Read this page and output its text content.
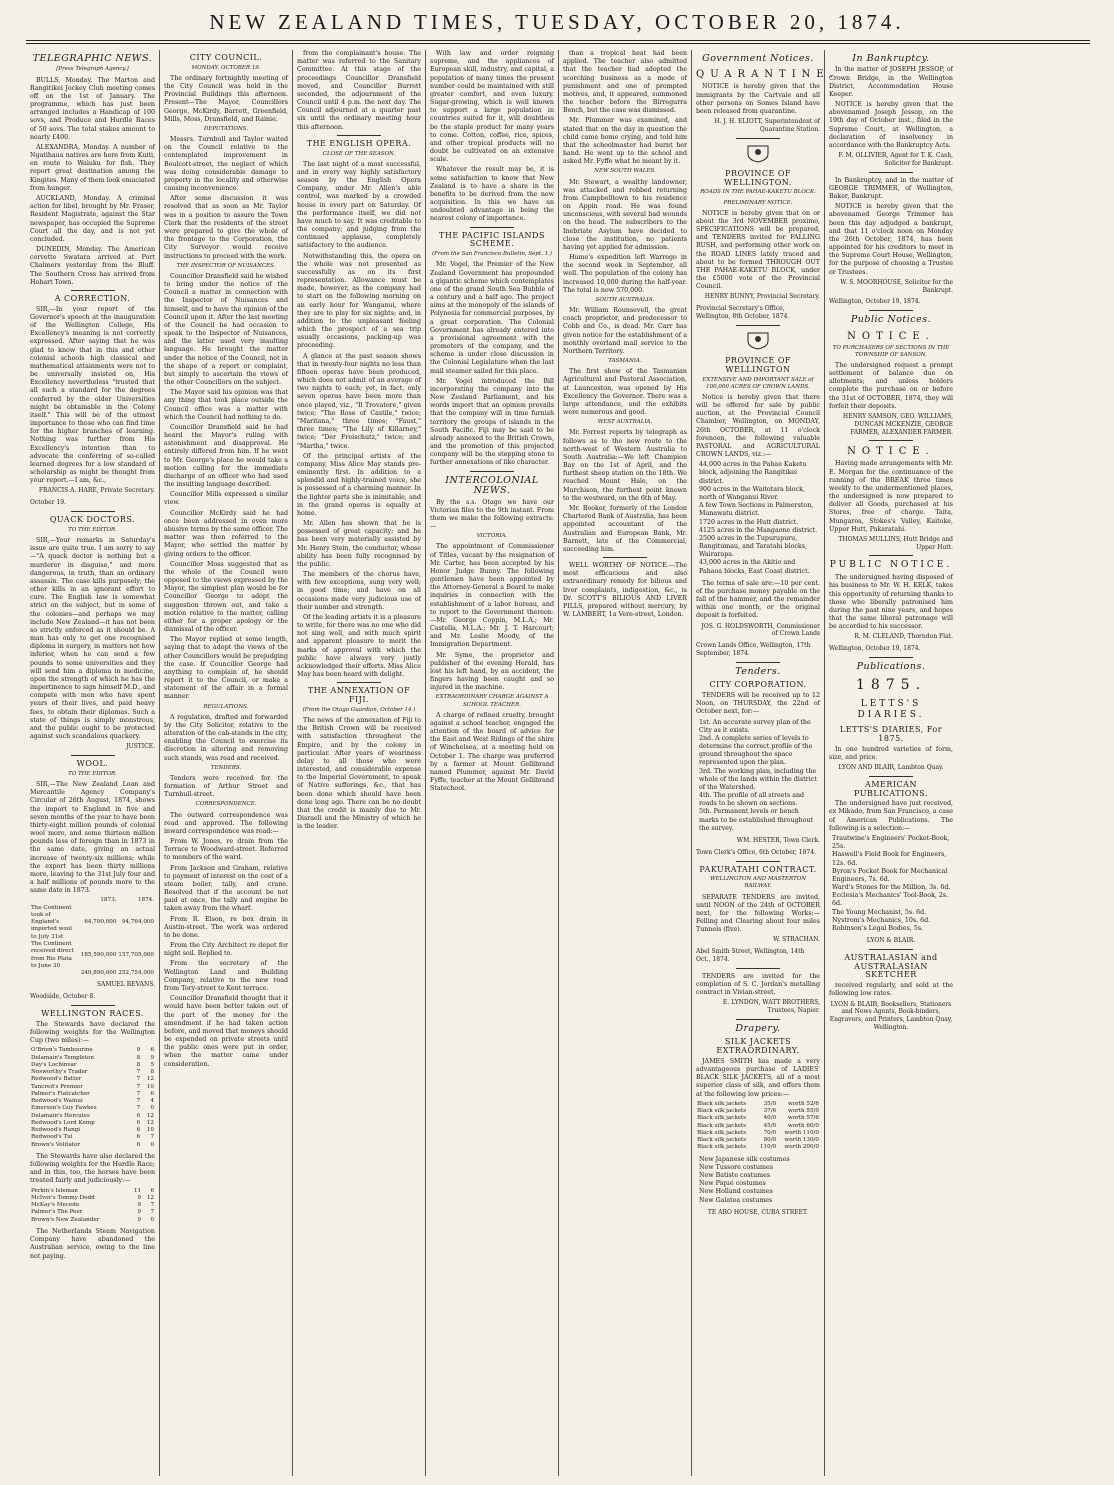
NEW ZEALAND TIMES, TUESDAY, OCTOBER 20, 1874.
TELEGRAPHIC NEWS.
[Press Telegraph Agency.]

BULLS, Monday. The Marton and Rangitikei Jockey Club meeting comes off on the 1st of January. The programme, which has just been arranged includes a Handicap of 100 sovs, and Produce and Hurdle Races of 50 sovs. The total stakes amount to nearly £400.

ALEXANDRA, Monday. A number of Ngatihaua natives are here from Kuiti, en route to Waiuku for fish. They report great destination among the Kingites. Many of them look emaciated from hunger.

AUCKLAND, Monday. A criminal action for libel, brought by Mr. Fraser, Resident Magistrate, against the Star newspaper, has occupied the Supreme Court all the day, and is not yet concluded.

DUNEDIN, Monday. The American corvette Swatara arrived at Port Chalmers yesterday from the Bluff. The Southern Cross has arrived from Hobart Town.

A CORRECTION.

SIR,—In your report of the Governor's speech at the inauguration of the Wellington College, His Excellency's meaning is not correctly expressed. After saying that he was glad to know that in this and other colonial schools high classical and mathematical attainments were not to be universally insisted on, His Excellency nevertheless "trusted that all such a standard for the degrees conferred by the older Universities might be obtainable in the Colony itself." This will be of the utmost importance to those who can find time for the higher branches of learning. Nothing was further from His Excellency's intention than to advocate the conferring of so-called learned degrees for a low standard of scholarship as might be thought from your report.—I am, &c.,

FRANCIS A. HARE, Private Secretary.
October 19.
QUACK DOCTORS.
TO THE EDITOR.

SIR,—Your remarks in Saturday's issue are quite true. I am sorry to say—"A quack doctor is nothing but a murderer in disguise," and more dangerous, in truth, than an ordinary assassin. The case kills purposely; the other kills in an ignorant effort to cure. The English law is somewhat strict on the subject, but in some of the colonies—and perhaps we may include New Zealand—it has not been so strictly enforced as it should be. A man has only to get one recognised diploma in surgery, in matters not how inferior, when he can send a few pounds to some universities and they will send him a diploma in medicine, upon the strength of which he has the impertinence to sign himself M.D., and compete with men who have spent years of their lives, and paid heavy fees, to obtain their diplomas. Such a state of things is simply monstrous, and the public ought to be protected against such scandalous quackery.

JUSTICE.
WOOL.
TO THE EDITOR.

SIR,—The New Zealand Loan and Mercantile Agency Company's Circular of 26th August, 1874, shows the import to England in five and seven months of the year to have been thirty-eight million pounds of colonial wool more, and some thirteen million pounds less of foreign than in 1873 in the same date, giving an actual increase of twenty-six millions; while the export has been thirty millions more, leaving to the 31st July four and a half millions of pounds more to the same date in 1873.

	1873.	1874.
The Continent took of England's imported wool to July 31st	64,700,000	94,764,000
The Continent received direct from Rio Plata to June 30	185,590,000	157,705,000
	249,890,000	252,754,000
SAMUEL REVANS.
Woodside, October 8.
WELLINGTON RACES.

The Stewards have declared the following weights for the Wellington Cup (two miles):—

O'Brien's Tambourine	9	6
Delamain's Templeton	8	9
Day's Lochinvar	8	5
Nosworthy's Trader	7	8
Redwood's Batter	7	12
Tancred's Premier	7	10
Palmer's Flatcatcher	7	6
Redwood's Wainui	7	4
Emerson's Guy Fawkes	7	0
Delamain's Hercules	6	12
Redwood's Lord Kemp	6	12
Redwood's Rangi	6	10
Redwood's Tui	6	7
Brown's Volitator	6	0

The Stewards have also declared the following weights for the Hurdle Race; and in this, too, the horses have been treated fairly and judiciously:—

Perkin's Isleman	11	6
McIvor's Tommy Dodd	9	12
McKay's Mecedo	9	7
Palmer's The Peer	9	7
Brown's New Zealander	9	0

The Netherlands Steam Navigation Company have abandoned the Australian service, owing to the line not paying.

CITY COUNCIL.
MONDAY, OCTOBER 19.

The ordinary fortnightly meeting of the City Council was held in the Provincial Buildings this afternoon. Present—The Mayor, Councillors George, McKirdy, Barrett, Greenfield, Mills, Moss, Dransfield, and Rainie.

DEPUTATIONS.

Messrs. Turnbull and Taylor waited on the Council relative to the contemplated improvement in Boulcott-street, the neglect of which was doing considerable damage to property in the locality and otherwise causing inconvenience.

After some discussion it was resolved that as soon as Mr. Taylor was in a position to assure the Town Clerk that the residents of the street were prepared to give the whole of the frontage to the Corporation, the City Surveyor would receive instructions to proceed with the work.

THE INSPECTOR OF NUISANCES.

Councillor Dransfield said he wished to bring under the notice of the Council a matter in connection with the Inspector of Nuisances and himself, and to have the opinion of the Council upon it. After the last meeting of the Council he had occasion to speak to the Inspector of Nuisances, and the latter used very insulting language. He brought the matter under the notice of the Council, not in the shape of a report or complaint, but simply to ascertain the views of the other Councillors on the subject.

The Mayor said his opinion was that any thing that took place outside the Council office was a matter with which the Council had nothing to do.

Councillor Dransfield said he had heard the Mayor's ruling with astonishment and disapproval. He entirely differed from him. If he went to Mr. George's place he would take a motion calling for the immediate discharge of an officer who had used the insulting language described.

Councillor Mills expressed a similar view.

Councillor McKirdy said he had once been addressed in even more abusive terms by the same officer. The matter was then referred to the Mayor, who settled the matter by giving orders to the officer.

Councillor Moss suggested that as the whole of the Council were opposed to the views expressed by the Mayor, the simplest plan would be for Councillor George to adopt the suggestion thrown out, and take a motion relative to the matter, calling either for a proper apology or the dismissal of the officer.

The Mayor replied at some length, saying that to adopt the views of the other Councillors would be prejudging the case. If Councillor George had anything to complain of, he should report it to the Council, or make a statement of the affair in a formal manner.

REGULATIONS.

A regulation, drafted and forwarded by the City Solicitor, relative to the alteration of the cab-stands in the city, enabling the Council to exercise its discretion in altering and removing such stands, was read and received.

TENDERS.

Tenders were received for the formation of Arthur Street and Turnbull-street.

CORRESPONDENCE.

The outward correspondence was read and approved. The following inward correspondence was read:—

From W. Jones, re drain from the Terrace to Woodward-street. Referred to members of the ward.

From Jackson and Graham, relative to payment of interest on the cost of a steam boiler, tally, and crane. Resolved that if the account be not paid at once, the tally and engine be taken away from the wharf.

From R. Elson, re box drain in Austin-street. The work was ordered to be done.

From the City Architect re depot for night soil. Replied to.

From the secretary of the Wellington Land and Building Company, relative to the new road from Tory-street to Kent terrace.

Councillor Dransfield thought that it would have been better taken out of the part of the money for the amendment if he had taken action before, and moved that moneys should be expended on private streets until the public ones were put in order, when the matter came under consideration.

from the complainant's house. The matter was referred to the Sanitary Committee. At this stage of the proceedings Councillor Dransfield moved, and Councillor Burrett seconded, the adjournment of the Council until 4 p.m. the next day. The Council adjourned at a quarter past six until the ordinary meeting hour this afternoon.

THE ENGLISH OPERA.
CLOSE OF THE SEASON.

The last night of a most successful, and in every way highly satisfactory season by the English Opera Company, under Mr. Allen's able control, was marked by a crowded house in every part on Saturday. Of the performance itself, we did not have much to say. It was creditable to the company; and judging from the continued applause, completely satisfactory to the audience.

Notwithstanding this, the opera on the whole was not presented as successfully as on its first representation. Allowance must be made, however, as the company had to start on the following morning on an early hour for Wanganui, where they are to play for six nights; and, in addition to the unpleasant feeling which the prospect of a sea trip usually occasions, packing-up was proceeding.

A glance at the past season shows that in twenty-four nights no less than fifteen operas have been produced, which does not admit of an average of two nights to each; yet, in fact, only seven operas have been more than once played, viz., "Il Trovatore," given twice; "The Rose of Castile," twice; "Maritana," three times; "Faust," three times; "The Lily of Killarney," twice; "Der Freischutz," twice; and "Martha," twice.

Of the principal artists of the company, Miss Alice May stands pre-eminently first. In addition to a splendid and highly-trained voice, she is possessed of a charming manner. In the lighter parts she is inimitable, and in the grand operas is equally at home.

Mr. Allen has shown that he is possessed of great capacity; and he has been very materially assisted by Mr. Henry Stein, the conductor, whose ability has been fully recognised by the public.

The members of the chorus have, with few exceptions, sung very well; in good time; and have on all occasions made very judicious use of their number and strength.

Of the leading artists it is a pleasure to write, for there was no one who did not sing well, and with much spirit and apparent pleasure to merit the marks of approval with which the public have always very justly acknowledged their efforts. Miss Alice May has been heard with delight.

THE ANNEXATION OF FIJI.
(From the Otago Guardian, October 14.)

The news of the annexation of Fiji to the British Crown will be received with satisfaction throughout the Empire, and by the colony in particular. After years of weariness delay to all those who were interested, and considerable expense to the Imperial Government, to speak of Native sufferings, &c., that has been done which should have been done long ago. There can be no doubt that the credit is mainly due to Mr. Disraeli and the Ministry of which he is the leader.

With law and order reigning supreme, and the appliances of European skill, industry, and capital, a population of many times the present number could be maintained with still greater comfort, and even luxury. Sugar-growing, which is well known to support a large population in countries suited for it, will doubtless be the staple product for many years to come. Cotton, coffee, rice, spices, and other tropical products will no doubt be cultivated on an extensive scale.

Whatever the result may be, it is some satisfaction to know that New Zealand is to have a share in the benefits to be derived from the new acquisition. In this we have an undoubted advantage in being the nearest colony of importance.

THE PACIFIC ISLANDS SCHEME.
(From the San Francisco Bulletin, Sept. 1.)

Mr. Vogel, the Premier of the New Zealand Government has propounded a gigantic scheme which contemplates one of the grand South Sea Bubble of a century and a half ago. The project aims at the monopoly of the islands of Polynesia for commercial purposes, by a great corporation. The Colonial Government has already entered into a provisional agreement with the promoters of the company, and the scheme is under close discussion in the Colonial Legislature when the last mail steamer sailed for this place.

Mr. Vogel introduced the Bill incorporating the company into the New Zealand Parliament, and his words import that an opinion prevails that the company will in time furnish territory the groups of islands in the South Pacific. Fiji may be said to be already annexed to the British Crown, and the promotion of this projected company will be the stepping stone to further annexations of like character.

INTERCOLONIAL NEWS.

By the s.s. Otago we have our Victorian files to the 9th instant. From them we make the following extracts:—

VICTORIA.

The appointment of Commissioner of Titles, vacant by the resignation of Mr. Carter, has been accepted by his Honor Judge Bunny. The following gentlemen have been appointed by the Attorney-General a Board to make inquiries in connection with the establishment of a labor bureau, and to report to the Government thereon:—Mr. George Coppin, M.L.A.; Mr. Castella, M.L.A.; Mr. J. T. Harcourt; and Mr. Leslie Moody, of the Immigration Department.

Mr. Syme, the proprietor and publisher of the evening Herald, has lost his left hand, by an accident, the fingers having been caught and so injured in the machine.

EXTRAORDINARY CHARGE AGAINST A SCHOOL TEACHER.

A charge of refined cruelty, brought against a school teacher, engaged the attention of the board of advice for the East and West Ridings of the shire of Winchelsea, at a meeting held on October 1. The charge was preferred by a farmer at Mount Gellibrand named Plummer, against Mr. David Fyffe, teacher at the Mount Gellibrand Statechool.

than a tropical heat had been applied. The teacher also admitted that the teacher had adopted the scorching business as a mode of punishment and one of prompted motives, and, it appeared, summoned the teacher before the Birregurra Bench, but the case was dismissed.

Mr. Plummer was examined, and stated that on the day in question the child came home crying, and told him that the schoolmaster had burnt her hand. He went up to the school and asked Mr. Fyffe what he meant by it.

NEW SOUTH WALES.

Mr. Stewart, a wealthy landowner, was attacked and robbed returning from Campbelltown to his residence on Appin road. He was found unconscious, with several bad wounds on the head. The subscribers to the Inebriate Asylum have decided to close the institution, no patients having yet applied for admission.

Hume's expedition left Warrego in the second week in September, all well. The population of the colony has increased 10,000 during the half-year. The total is now 570,000.

SOUTH AUSTRALIA.

Mr. William Rounsevell, the great coach proprietor, and predecessor to Cobb and Co., is dead. Mr. Carr has given notice for the establishment of a monthly overland mail service to the Northern Territory.

TASMANIA.

The first show of the Tasmanian Agricultural and Pastoral Association, at Launceston, was opened by His Excellency the Governor. There was a large attendance, and the exhibits were numerous and good.

WEST AUSTRALIA.

Mr. Forrest reports by telegraph as follows as to the new route to the north-west of Western Australia to South Australia:—We left Champion Bay on the 1st of April, and the furthest sheep station on the 18th. We reached Mount Hale, on the Murchison, the furthest point known to the westward, on the 6th of May.

Mr. Booker, formerly of the London Chartered Bank of Australia, has been appointed accountant of the Australian and European Bank, Mr. Barnett, late of the Commercial, succeeding him.

WELL WORTHY OF NOTICE.—The most efficacious and also extraordinary remedy for bilious and liver complaints, indigestion, &c., is Dr. SCOTT'S BILIOUS AND LIVER PILLS, prepared without mercury, by W. LAMBERT, 1a Vere-street, London.

Government Notices.
QUARANTINE.

NOTICE is hereby given that the immigrants by the Cartvale and all other persons on Somes Island have been released from quarantine.

H. J. H. ELIOTT, Superintendent of Quarantine Station.
PROVINCE OF WELLINGTON.
ROADS IN THE PAHAE-KAKETU BLOCK.
PRELIMINARY NOTICE.

NOTICE is hereby given that on or about the 3rd NOVEMBER proximo, SPECIFICATIONS will be prepared, and TENDERS invited for FALLING BUSH, and performing other work on the ROAD LINES lately traced and about to be formed THROUGH OUT THE PAHAE-KAKETU BLOCK, under the £5000 vote of the Provincial Council.

HENRY BUNNY, Provincial Secretary.
Provincial Secretary's Office, Wellington, 8th October, 1874.
PROVINCE OF WELLINGTON
EXTENSIVE AND IMPORTANT SALE of 100,000 ACRES OF CROWN LANDS.

Notice is hereby given that there will be offered for sale by public auction, at the Provincial Council Chamber, Wellington, on MONDAY, 26th OCTOBER, at 11 o'clock forenoon, the following valuable PASTORAL and AGRICULTURAL CROWN LANDS, viz.:—

44,000 acres in the Pahae Kaketu block, adjoining the Rangitikei district.
900 acres in the Waitotara block, north of Wanganui River.
A few Town Sections in Palmerston, Manawatu district.
1720 acres in the Hutt district.
4125 acres in the Mangaone district.
2500 acres in the Tupurupuru, Rangitumau, and Taratahi blocks, Wairarapa.
43,000 acres in the Akitio and Pahaoa blocks, East Coast district.

The terms of sale are:—10 per cent. of the purchase money payable on the fall of the hammer, and the remainder within one month, or the original deposit is forfeited.

JOS. G. HOLDSWORTH, Commissioner of Crown Lands
Crown Lands Office, Wellington, 17th September, 1874.
Tenders.
CITY CORPORATION.

TENDERS will be received up to 12 Noon, on THURSDAY, the 22nd of October next, for:—

1st. An accurate survey plan of the City as it exists.
2nd. A complete series of levels to determine the correct profile of the ground throughout the space represented upon the plan.
3rd. The working plan, including the whole of the lands within the district of the Watershed.
4th. The profile of all streets and roads to be shown on sections.
5th. Permanent levels or bench marks to be established throughout the survey.
WM. HESTER, Town Clerk.
Town Clerk's Office, 6th October, 1874.
PAKURATAHI CONTRACT.
WELLINGTON AND MASTERTON RAILWAY.

SEPARATE TENDERS are invited, until NOON of the 24th of OCTOBER next, for the following Works:— Felling and Clearing about four miles Tunnels (five).

W. STRACHAN.
Abel Smith Street, Wellington, 14th Oct., 1874.

TENDERS are invited for the completion of S. C. Jordan's metalling contract in Vivian-street.

E. LYNDON, WATT BROTHERS, Trustees, Napier.
Drapery.
SILK JACKETS EXTRAORDINARY.

JAMES SMITH has made a very advantageous purchase of LADIES' BLACK SILK JACKETS, all of a most superior class of silk, and offers them at the following low prices:—

Black silk jackets	35/0	worth 52/6
Black silk jackets	37/6	worth 55/0
Black silk jackets	40/0	worth 57/6
Black silk jackets	45/0	worth 60/0
Black silk jackets	70/0	worth 110/0
Black silk jackets	80/0	worth 130/0
Black silk jackets	110/0	worth 200/0
New Japanese silk costumes
New Tussore costumes
New Batiste costumes
New Piqué costumes
New Holland costumes
New Galatea costumes
TE ARO HOUSE, CUBA STREET.
In Bankruptcy.

In the matter of JOSEPH JESSOP, of Crown Bridge, in the Wellington District, Accommodation House Keeper.

NOTICE is hereby given that the abovenamed Joseph Jessop, on the 19th day of October inst., filed in the Supreme Court, at Wellington, a declaration of insolvency in accordance with the Bankruptcy Acts.

F. M. OLLIVIER, Agent for T. K. Cash, Solicitor for Bankrupt.

In Bankruptcy, and in the matter of GEORGE TRIMMER, of Wellington, Baker, Bankrupt.

NOTICE is hereby given that the abovenamed George Trimmer has been this day adjudged a bankrupt, and that 11 o'clock noon on Monday the 26th October, 1874, has been appointed for his creditors to meet in the Supreme Court House, Wellington, for the purpose of choosing a Trustee or Trustees.

W. S. MOORHOUSE, Solicitor for the Bankrupt.
Wellington, October 19, 1874.
Public Notices.
NOTICE.
TO PURCHASERS OF SECTIONS IN THE TOWNSHIP OF SANSON.

The undersigned request a prompt settlement of balance due on allotments; and unless holders complete the purchase on or before the 31st of OCTOBER, 1874, they will forfeit their deposits.

HENRY SAMSON, GEO. WILLIAMS, DUNCAN MCKENZIE, GEORGE FARMER, ALEXANDER FARMER.
NOTICE.

Having made arrangements with Mr. E. Morgan for the continuance of the running of the BREAK three times weekly to the undermentioned places, the undersigned is now prepared to deliver all Goods, purchased at his Stores, free of charge. Taita, Mungaroa, Stokes's Valley, Kaitoke, Upper Hutt, Pakaratahi.

THOMAS MULLINS, Hutt Bridge and Upper Hutt.
PUBLIC NOTICE.

The undersigned having disposed of his business to Mr. W. H. KELK, takes this opportunity of returning thanks to those who liberally patronised him during the past nine years, and hopes that the same liberal patronage will be accorded to his successor.

R. M. CLELAND, Thorndon Flat.
Wellington, October 19, 1874.
Publications.
1875.
LETTS'S DIARIES.
LETTS'S DIARIES, For 1875.

In one hundred varieties of form, size, and price.

LYON AND BLAIR, Lambton Quay.
AMERICAN PUBLICATIONS.

The undersigned have just received, ex Mikado, from San Francisco, a case of American Publications. The following is a selection:—

Trautwine's Engineers' Pocket-Book, 25s.
Haswell's Field Book for Engineers, 12s. 6d.
Byron's Pocket Book for Mechanical Engineers, 7s. 6d.
Ward's Stones for the Million, 3s. 6d.
Ecclesia's Mechanics' Tool-Book, 2s. 6d.
The Young Mechanist, 5s. 6d.
Nystrom's Mechanics, 10s. 6d.
Robinson's Legal Bodies, 5s.
LYON & BLAIR.
AUSTRALASIAN and AUSTRALASIAN SKETCHER

received regularly, and sold at the following low rates.

LYON & BLAIR, Booksellers, Stationers and News Agents, Book-binders, Engravers, and Printers, Lambton Quay, Wellington.
